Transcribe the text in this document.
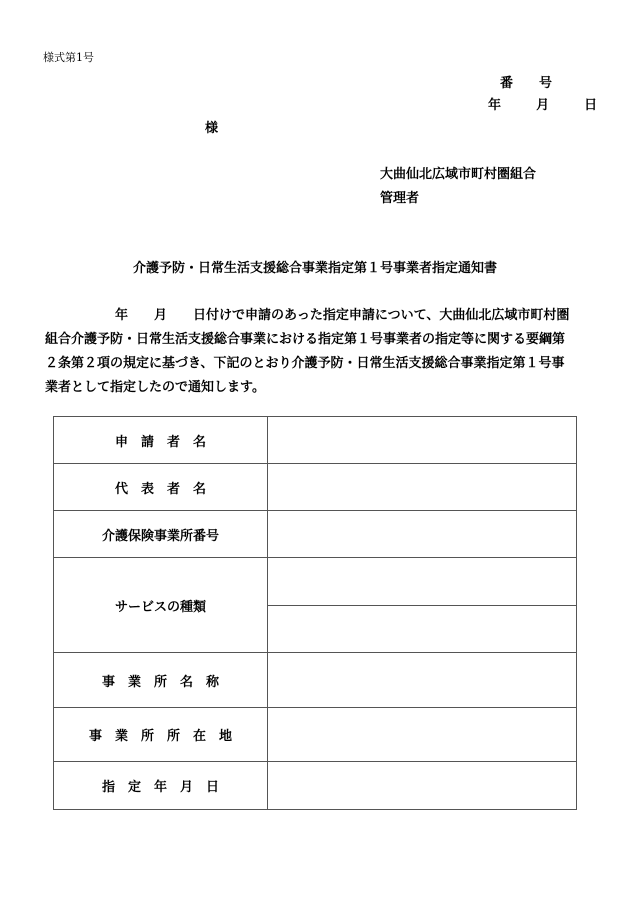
様式第1号
番　　号
年	月	日
様
大曲仙北広域市町村圏組合
管理者
介護予防・日常生活支援総合事業指定第１号事業者指定通知書

年 月 日付けで申請のあった指定申請について、大曲仙北広域市町村圏

組合介護予防・日常生活支援総合事業における指定第１号事業者の指定等に関する要綱第

２条第２項の規定に基づき、下記のとおり介護予防・日常生活支援総合事業指定第１号事

業者として指定したので通知します。

申　請　者　名	
代　表　者　名	
介護保険事業所番号	
サービスの種類	

事　業　所　名　称	
事　業　所　所　在　地	
指　定　年　月　日	
